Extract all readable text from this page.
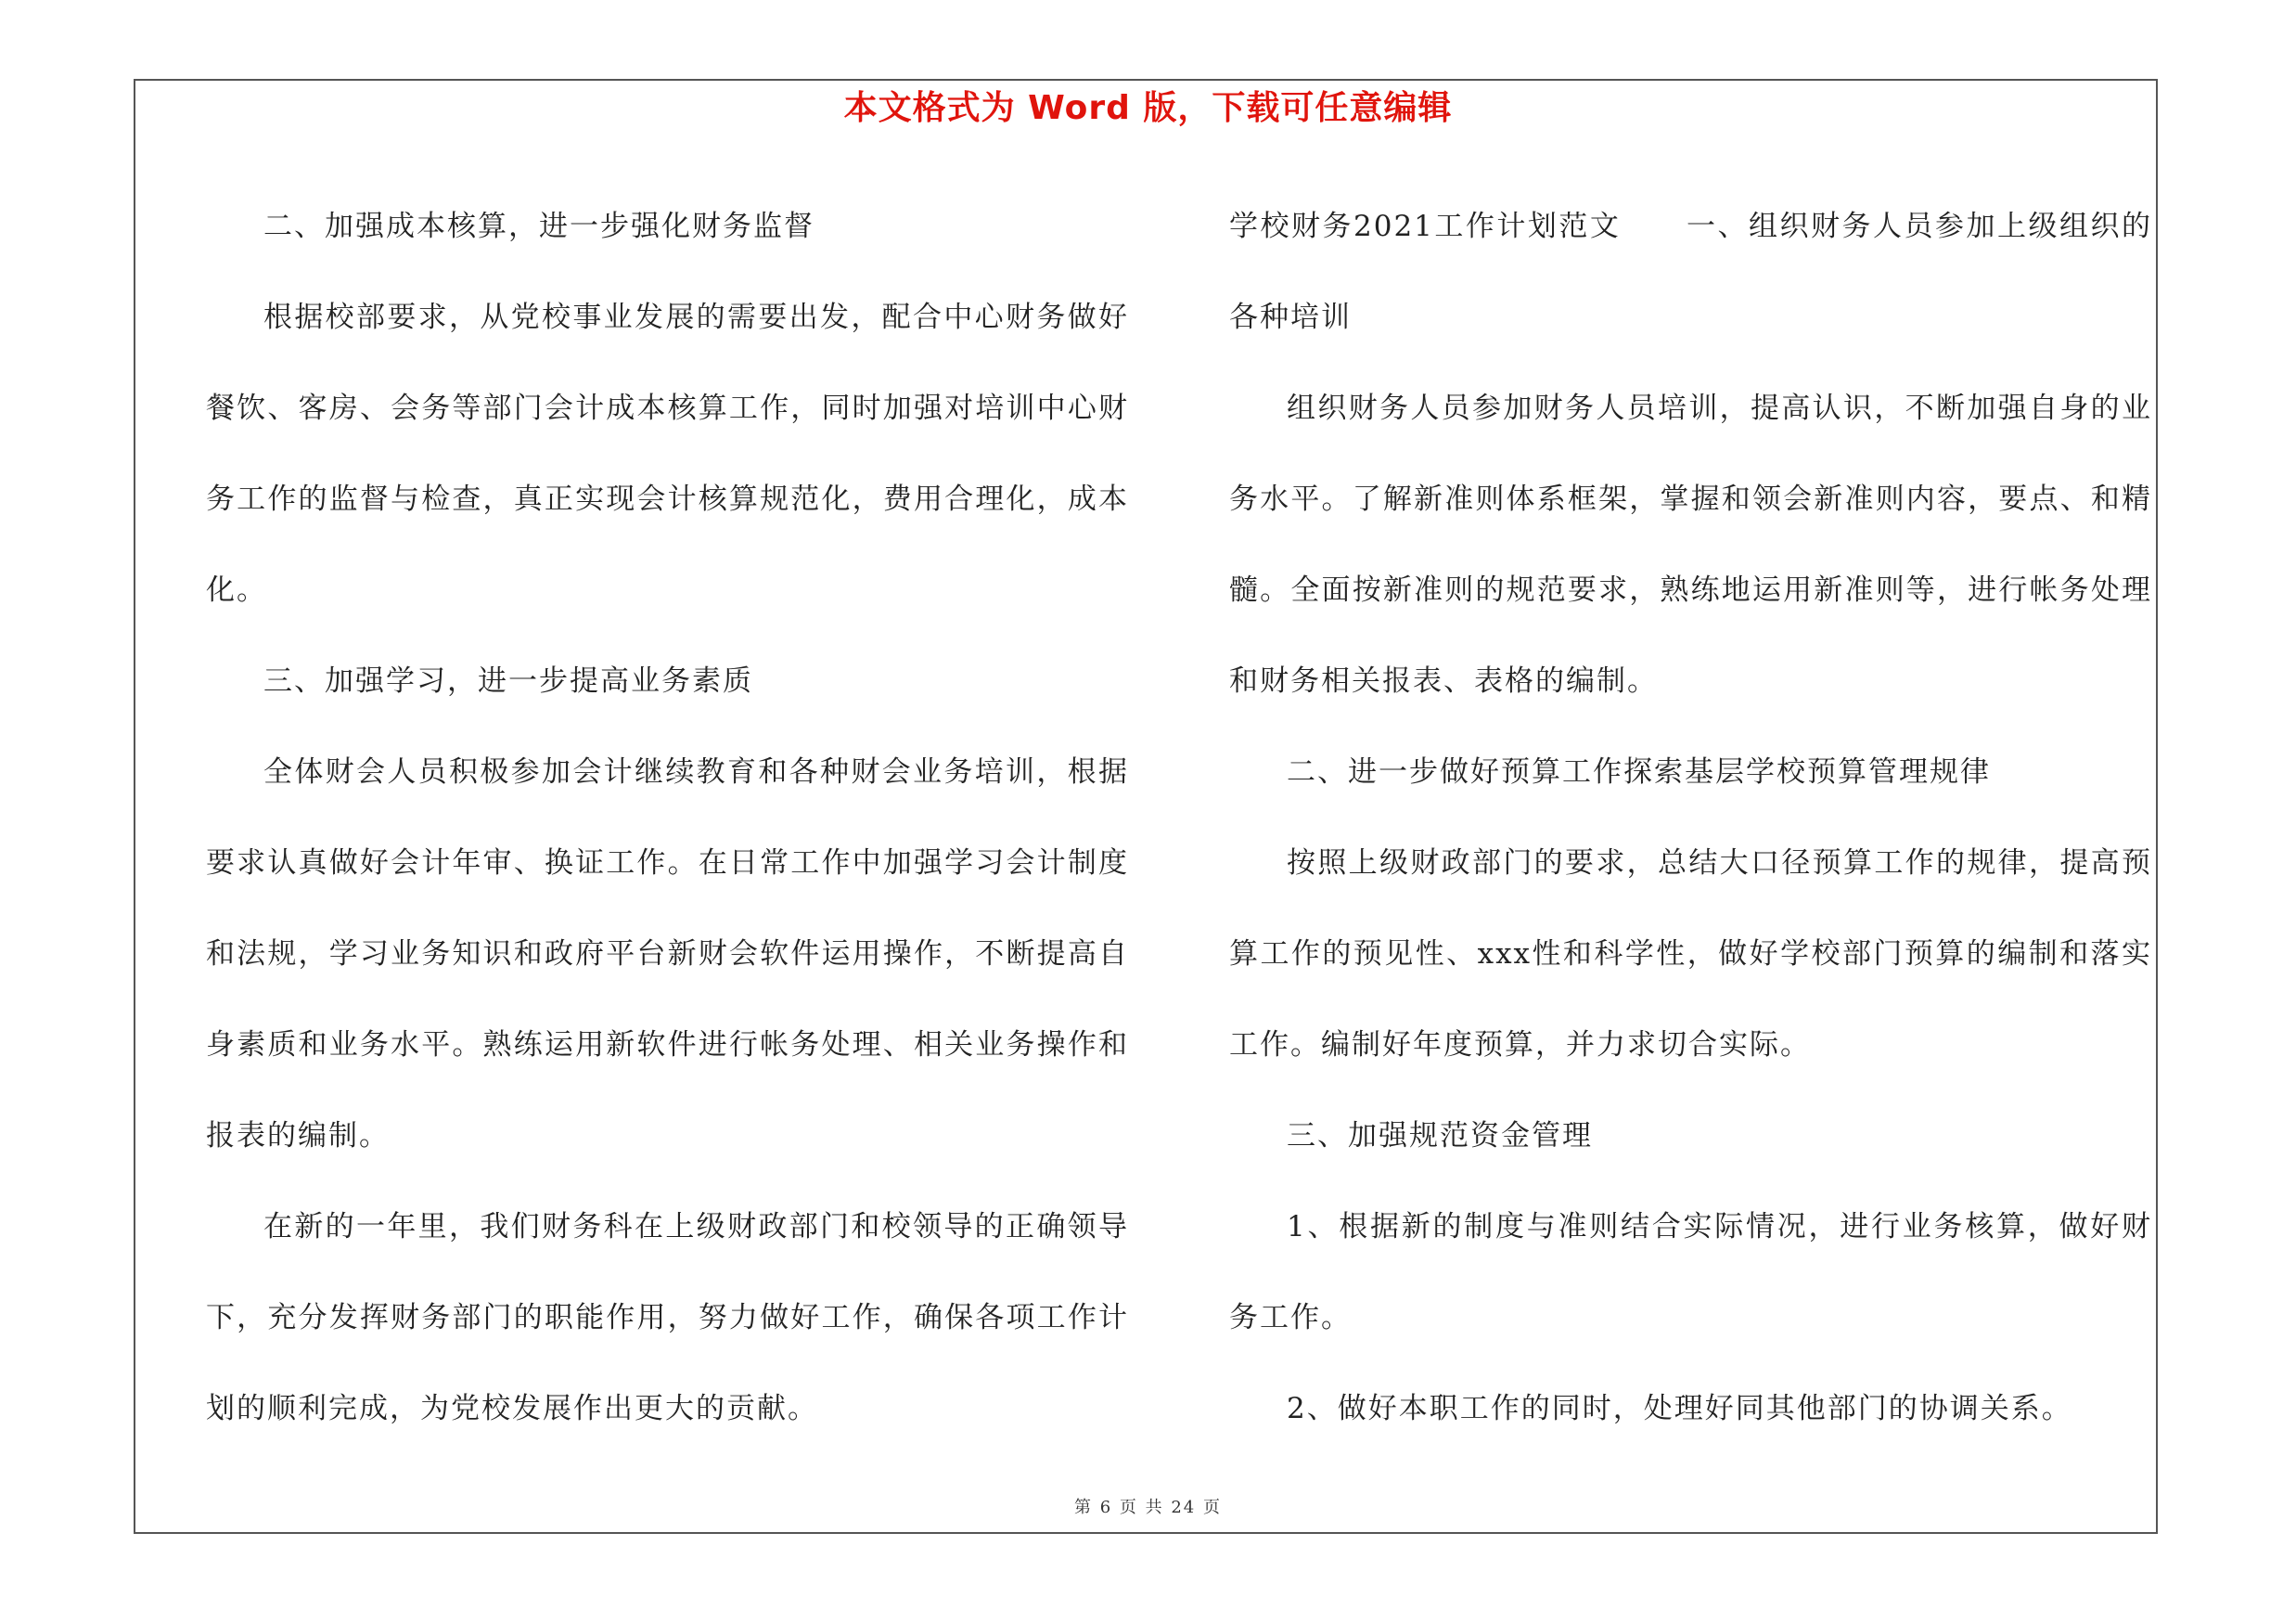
本文格式为 Word 版，下载可任意编辑

二、加强成本核算，进一步强化财务监督

根据校部要求，从党校事业发展的需要出发，配合中心财务做好餐饮、客房、会务等部门会计成本核算工作，同时加强对培训中心财务工作的监督与检查，真正实现会计核算规范化，费用合理化，成本化。

三、加强学习，进一步提高业务素质

全体财会人员积极参加会计继续教育和各种财会业务培训，根据要求认真做好会计年审、换证工作。在日常工作中加强学习会计制度和法规，学习业务知识和政府平台新财会软件运用操作，不断提高自身素质和业务水平。熟练运用新软件进行帐务处理、相关业务操作和报表的编制。

在新的一年里，我们财务科在上级财政部门和校领导的正确领导下，充分发挥财务部门的职能作用，努力做好工作，确保各项工作计划的顺利完成，为党校发展作出更大的贡献。

学校财务2021工作计划范文 一、组织财务人员参加上级组织的各种培训

组织财务人员参加财务人员培训，提高认识，不断加强自身的业务水平。了解新准则体系框架，掌握和领会新准则内容，要点、和精髓。全面按新准则的规范要求，熟练地运用新准则等，进行帐务处理和财务相关报表、表格的编制。

二、进一步做好预算工作探索基层学校预算管理规律

按照上级财政部门的要求，总结大口径预算工作的规律，提高预算工作的预见性、xxx性和科学性，做好学校部门预算的编制和落实工作。编制好年度预算，并力求切合实际。

三、加强规范资金管理

1、根据新的制度与准则结合实际情况，进行业务核算，做好财务工作。

2、做好本职工作的同时，处理好同其他部门的协调关系。

第 6 页 共 24 页
